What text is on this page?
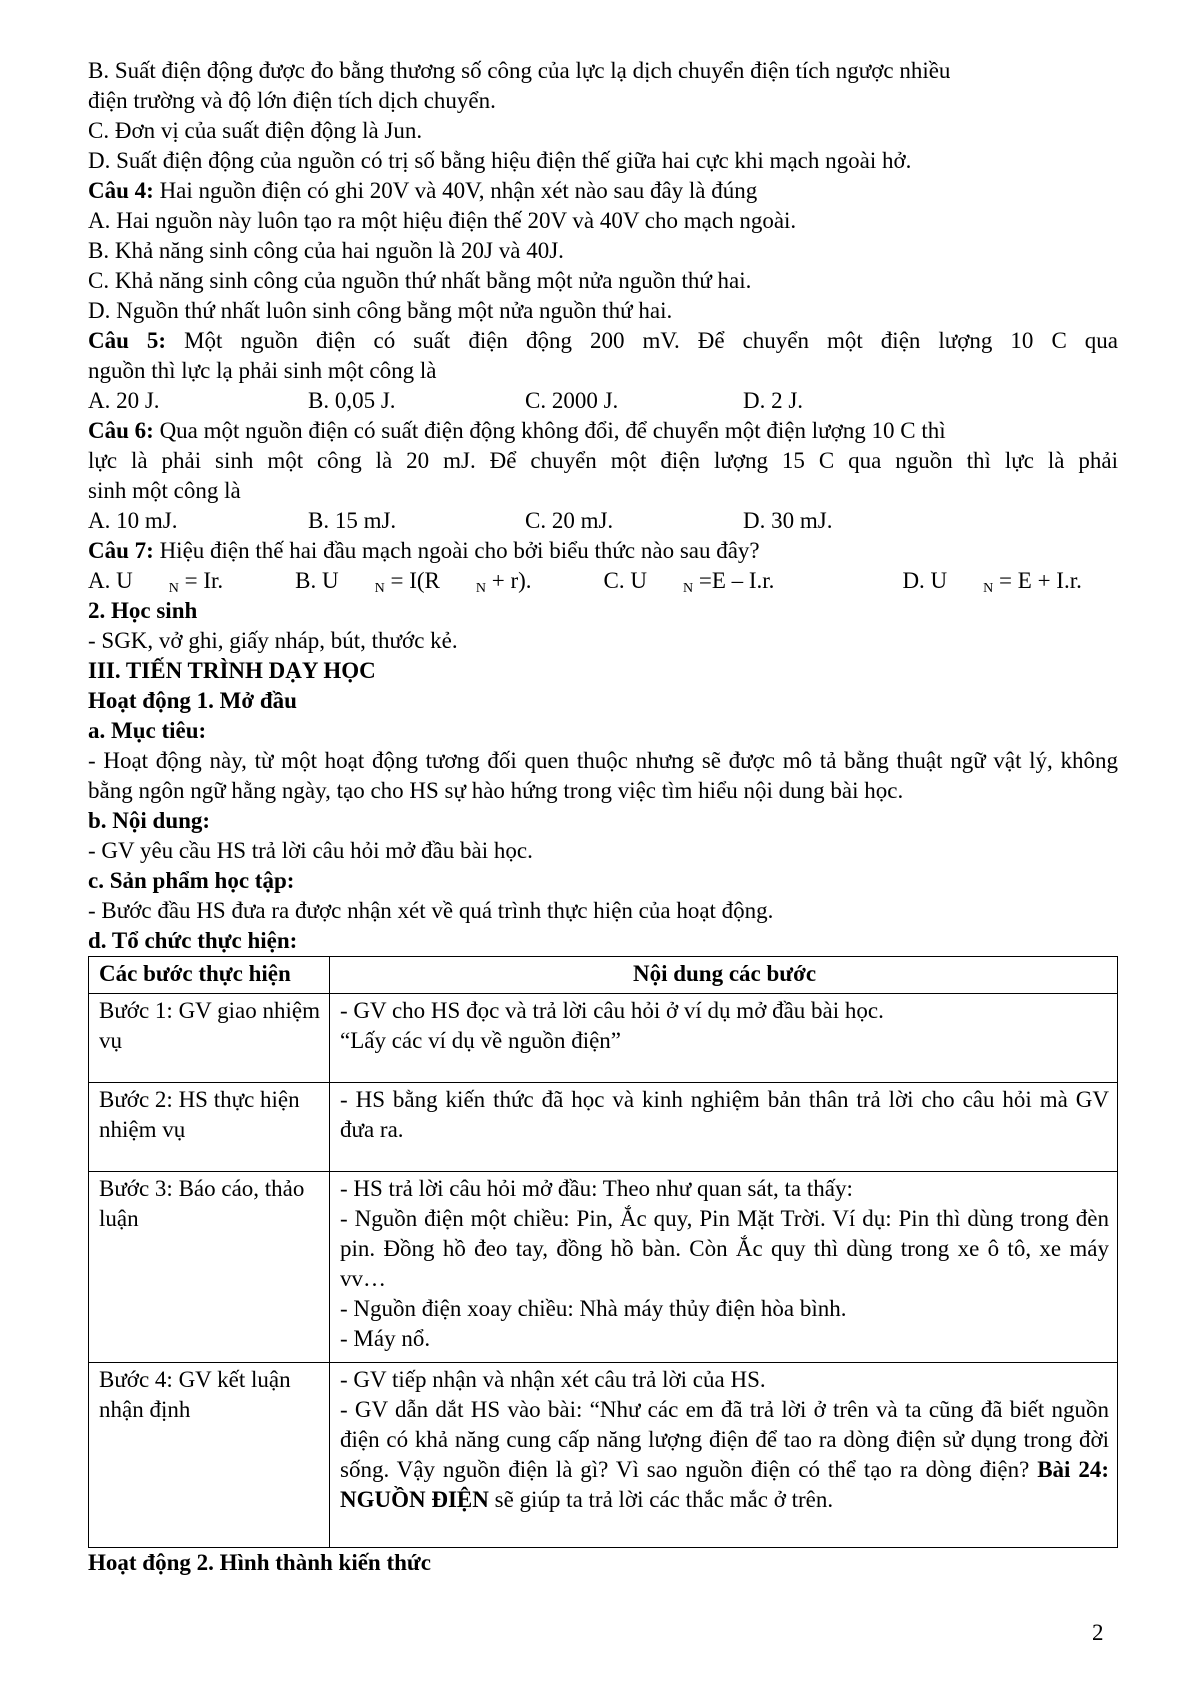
B. Suất điện động được đo bằng thương số công của lực lạ dịch chuyển điện tích ngược nhiều
điện trường và độ lớn điện tích dịch chuyển.
C. Đơn vị của suất điện động là Jun.
D. Suất điện động của nguồn có trị số bằng hiệu điện thế giữa hai cực khi mạch ngoài hở.
Câu 4: Hai nguồn điện có ghi 20V và 40V, nhận xét nào sau đây là đúng
A. Hai nguồn này luôn tạo ra một hiệu điện thế 20V và 40V cho mạch ngoài.
B. Khả năng sinh công của hai nguồn là 20J và 40J.
C. Khả năng sinh công của nguồn thứ nhất bằng một nửa nguồn thứ hai.
D. Nguồn thứ nhất luôn sinh công bằng một nửa nguồn thứ hai.
Câu 5: Một nguồn điện có suất điện động 200 mV. Để chuyển một điện lượng 10 C qua
nguồn thì lực lạ phải sinh một công là
A. 20 J.	B. 0,05 J.	C. 2000 J.	D. 2 J.
Câu 6: Qua một nguồn điện có suất điện động không đổi, để chuyển một điện lượng 10 C thì
lực là phải sinh một công là 20 mJ. Để chuyển một điện lượng 15 C qua nguồn thì lực là phải
sinh một công là
A. 10 mJ.	B. 15 mJ.	C. 20 mJ.	D. 30 mJ.
Câu 7: Hiệu điện thế hai đầu mạch ngoài cho bởi biểu thức nào sau đây?
A. U	$_N$ = Ir.	B. U	$_N$ = I(R	$_N$ + r).	C. U	$_N$ =E – I.r.	D. U	$_N$ = E + I.r.
2. Học sinh
- SGK, vở ghi, giấy nháp, bút, thước kẻ.
III. TIẾN TRÌNH DẠY HỌC
Hoạt động 1. Mở đầu
a. Mục tiêu:
- Hoạt động này, từ một hoạt động tương đối quen thuộc nhưng sẽ được mô tả bằng thuật ngữ vật lý, không bằng ngôn ngữ hằng ngày, tạo cho HS sự hào hứng trong việc tìm hiểu nội dung bài học.
b. Nội dung:
- GV yêu cầu HS trả lời câu hỏi mở đầu bài học.
c. Sản phẩm học tập:
- Bước đầu HS đưa ra được nhận xét về quá trình thực hiện của hoạt động.
d. Tổ chức thực hiện:
Các bước thực hiện	Nội dung các bước
Bước 1: GV giao nhiệm vụ	- GV cho HS đọc và trả lời câu hỏi ở ví dụ mở đầu bài học.
“Lấy các ví dụ về nguồn điện”

Bước 2: HS thực hiện nhiệm vụ	- HS bằng kiến thức đã học và kinh nghiệm bản thân trả lời cho câu hỏi mà GV đưa ra.

Bước 3: Báo cáo, thảo luận	- HS trả lời câu hỏi mở đầu: Theo như quan sát, ta thấy:
- Nguồn điện một chiều: Pin, Ắc quy, Pin Mặt Trời. Ví dụ: Pin thì dùng trong đèn pin. Đồng hồ đeo tay, đồng hồ bàn. Còn Ắc quy thì dùng trong xe ô tô, xe máy vv…
- Nguồn điện xoay chiều: Nhà máy thủy điện hòa bình.
- Máy nổ.

Bước 4: GV kết luận nhận định	- GV tiếp nhận và nhận xét câu trả lời của HS.
- GV dẫn dắt HS vào bài: “Như các em đã trả lời ở trên và ta cũng đã biết nguồn điện có khả năng cung cấp năng lượng điện để tao ra dòng điện sử dụng trong đời sống. Vậy nguồn điện là gì? Vì sao nguồn điện có thể tạo ra dòng điện? Bài 24: NGUỒN ĐIỆN sẽ giúp ta trả lời các thắc mắc ở trên.
Hoạt động 2. Hình thành kiến thức
2
